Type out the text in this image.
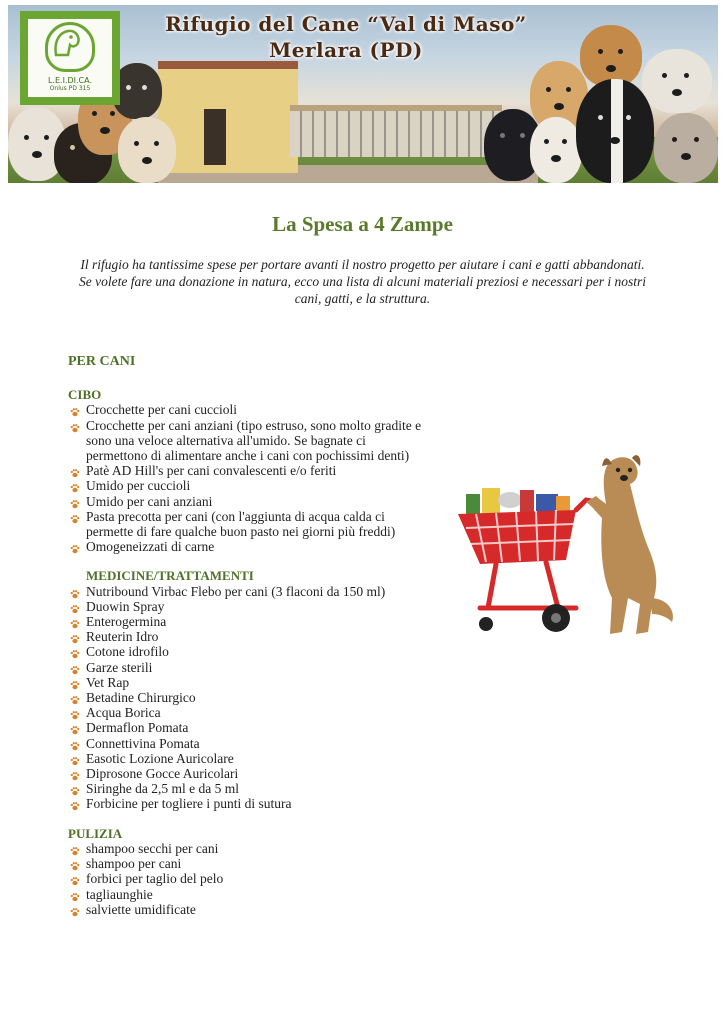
L.E.I.DI.CA.
Onlus PD 315
Rifugio del Cane “Val di Maso”
Merlara (PD)
La Spesa a 4 Zampe
Il rifugio ha tantissime spese per portare avanti il nostro progetto per aiutare i cani e gatti abbandonati. Se volete fare una donazione in natura, ecco una lista di alcuni materiali preziosi e necessari per i nostri cani, gatti, e la struttura.
PER CANI
CIBO
Crocchette per cani cuccioli
Crocchette per cani anziani (tipo estruso, sono molto gradite e sono una veloce alternativa all'umido. Se bagnate ci permettono di alimentare anche i cani con pochissimi denti)
Patè AD Hill's per cani convalescenti e/o feriti
Umido per cuccioli
Umido per cani anziani
Pasta precotta per cani (con l'aggiunta di acqua calda ci permette di fare qualche buon pasto nei giorni più freddi)
Omogeneizzati di carne
MEDICINE/TRATTAMENTI
Nutribound Virbac Flebo per cani (3 flaconi da 150 ml)
Duowin Spray
Enterogermina
Reuterin Idro
Cotone idrofilo
Garze sterili
Vet Rap
Betadine Chirurgico
Acqua Borica
Dermaflon Pomata
Connettivina Pomata
Easotic Lozione Auricolare
Diprosone Gocce Auricolari
Siringhe da 2,5 ml e da 5 ml
Forbicine per togliere i punti di sutura
PULIZIA
shampoo secchi per cani
shampoo per cani
forbici per taglio del pelo
tagliaunghie
salviette umidificate
